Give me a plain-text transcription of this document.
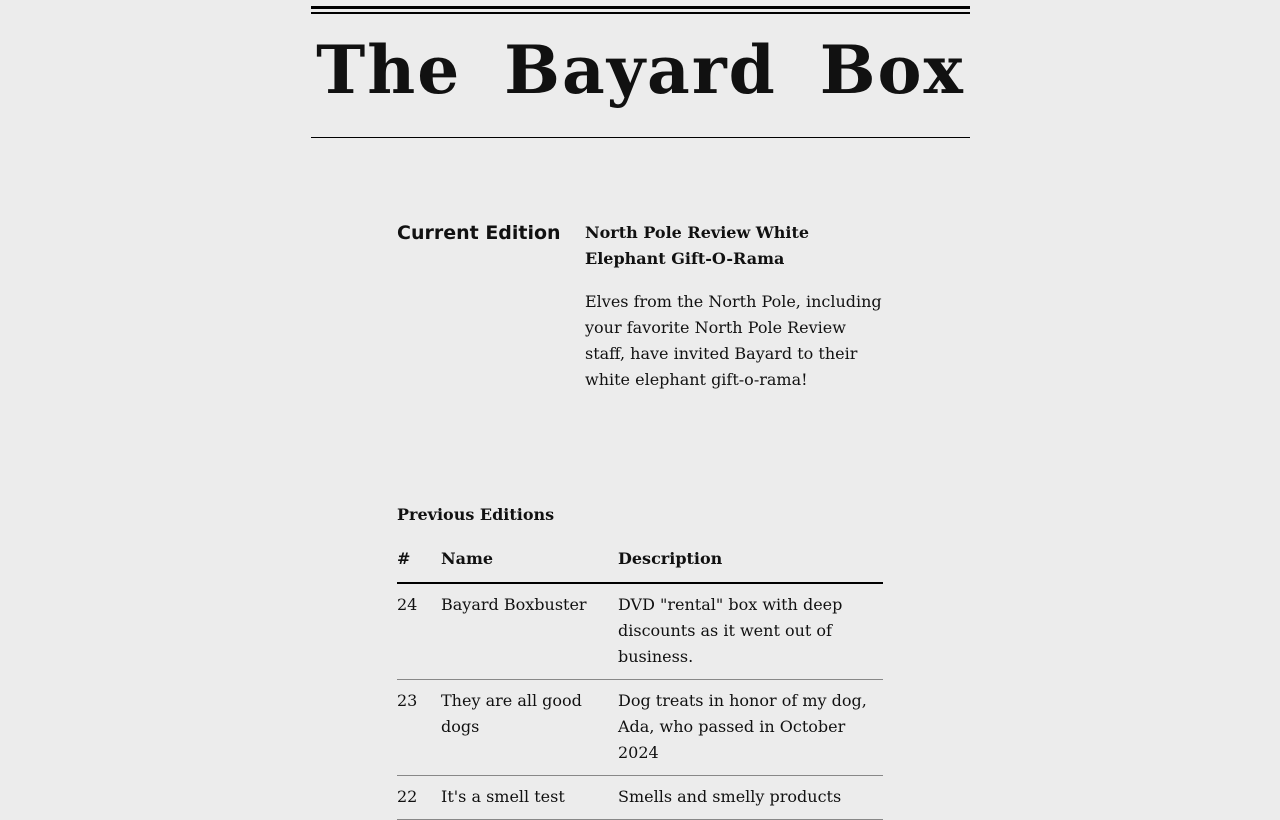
The Bayard Box
Current Edition North Pole Review White Elephant Gift-O-Rama

Elves from the North Pole, including your favorite North Pole Review staff, have invited Bayard to their white elephant gift-o-rama!

Previous Editions
#	Name	Description
24	Bayard Boxbuster	DVD "rental" box with deep discounts as it went out of business.
23	They are all good dogs	Dog treats in honor of my dog, Ada, who passed in October 2024
22	It's a smell test	Smells and smelly products
